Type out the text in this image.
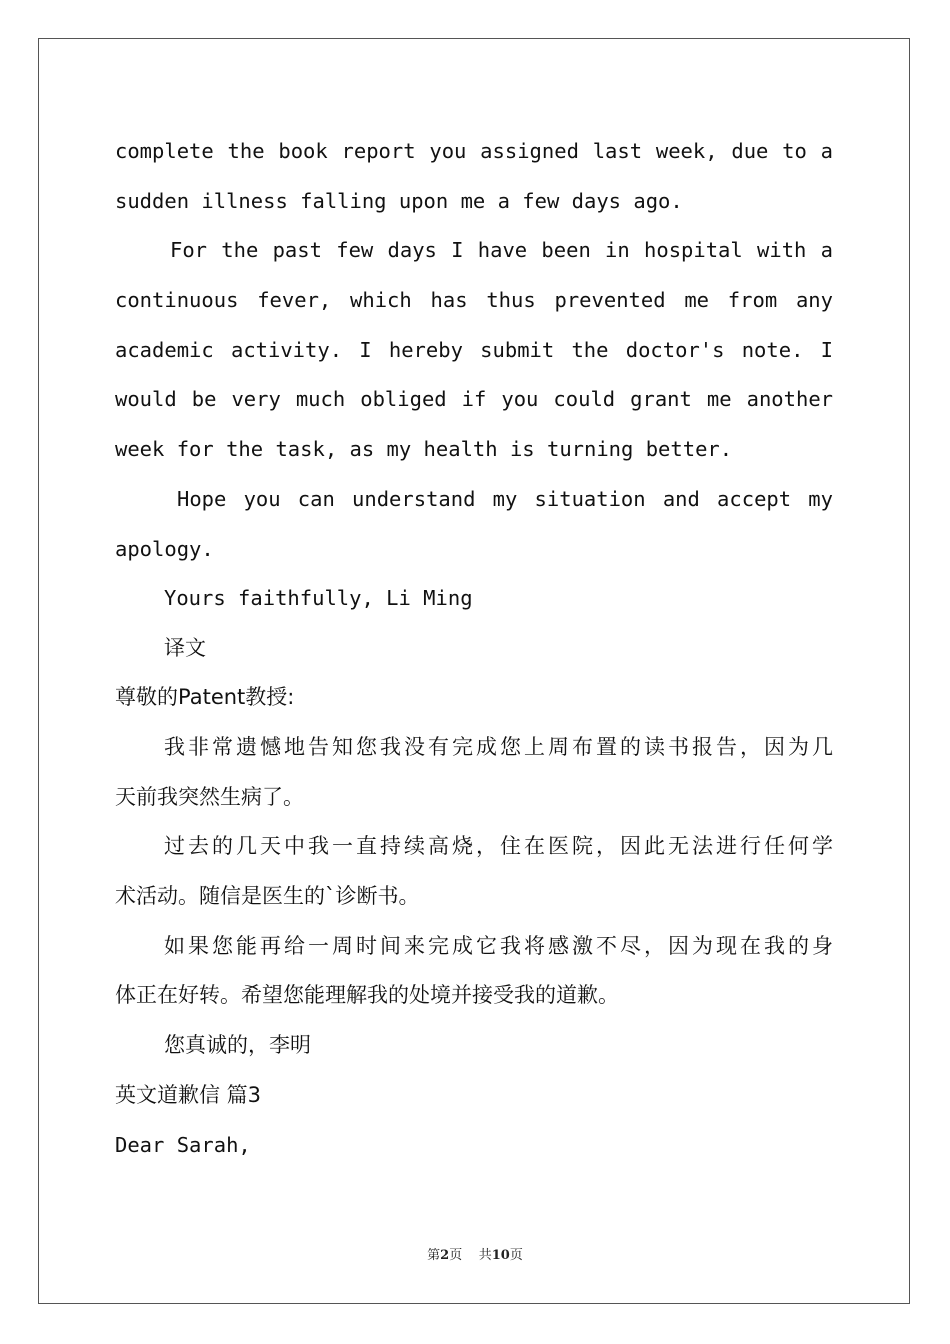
complete the book report you assigned last week, due to a
sudden illness falling upon me a few days ago.
For the past few days I have been in hospital with a
continuous fever, which has thus prevented me from any
academic activity. I hereby submit the doctor's note. I
would be very much obliged if you could grant me another
week for the task, as my health is turning better.
Hope you can understand my situation and accept my
apology.
Yours faithfully, Li Ming
译文
尊敬的Patent教授:
我非常遗憾地告知您我没有完成您上周布置的读书报告，因为几
天前我突然生病了。
过去的几天中我一直持续高烧，住在医院，因此无法进行任何学
术活动。随信是医生的`诊断书。
如果您能再给一周时间来完成它我将感激不尽，因为现在我的身
体正在好转。希望您能理解我的处境并接受我的道歉。
您真诚的，李明
英文道歉信 篇3
Dear Sarah,
第2页 共10页
